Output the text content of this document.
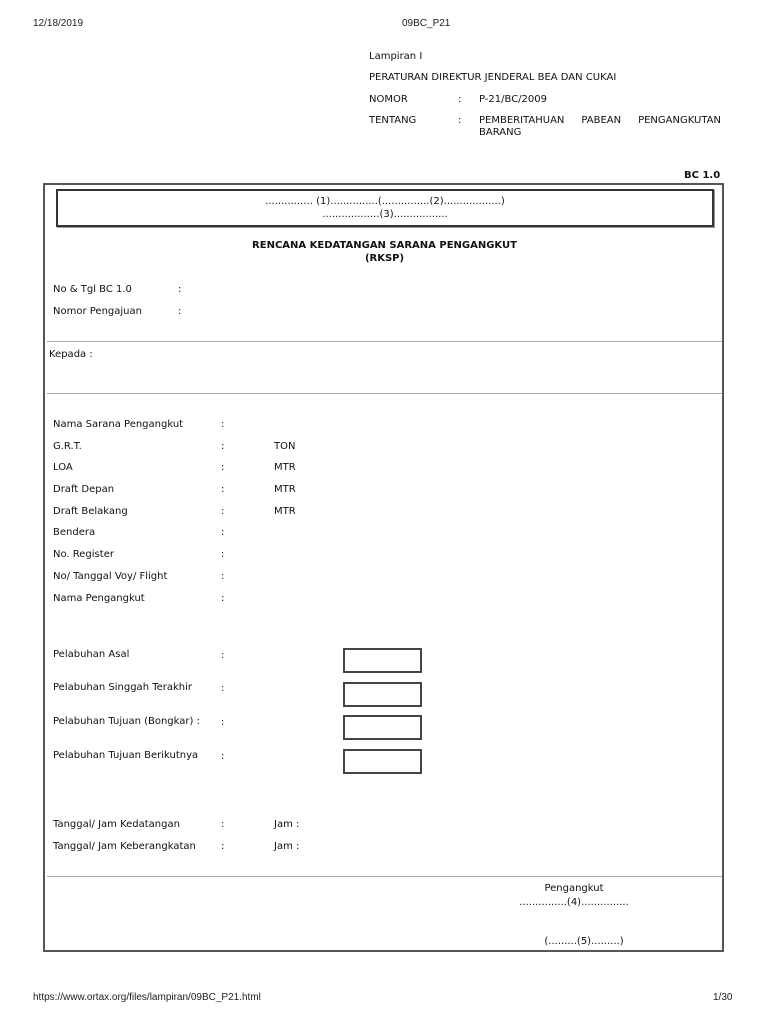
12/18/2019	09BC_P21
https://www.ortax.org/files/lampiran/09BC_P21.html	1/30
Lampiran I
PERATURAN DIREKTUR JENDERAL BEA DAN CUKAI
NOMOR	: P-21/BC/2009
TENTANG	: PEMBERITAHUAN PABEAN PENGANGKUTAN
BARANG
BC 1.0
............... (1)...............(...............(2)..................)
..................(3).................
RENCANA KEDATANGAN SARANA PENGANGKUT
(RKSP)
No & Tgl BC 1.0	:
Nomor Pengajuan	:
Kepada :
Nama Sarana Pengangkut	:
G.R.T.	:	TON
LOA	:	MTR
Draft Depan	:	MTR
Draft Belakang	:	MTR
Bendera	:
No. Register	:
No/ Tanggal Voy/ Flight	:
Nama Pengangkut	:
Pelabuhan Asal	:
Pelabuhan Singgah Terakhir	:
Pelabuhan Tujuan (Bongkar) : :
Pelabuhan Tujuan Berikutnya :
Tanggal/ Jam Kedatangan	:	Jam :
Tanggal/ Jam Keberangkatan	:	Jam :
Pengangkut
...............(4)...............
(.........(5).........)
